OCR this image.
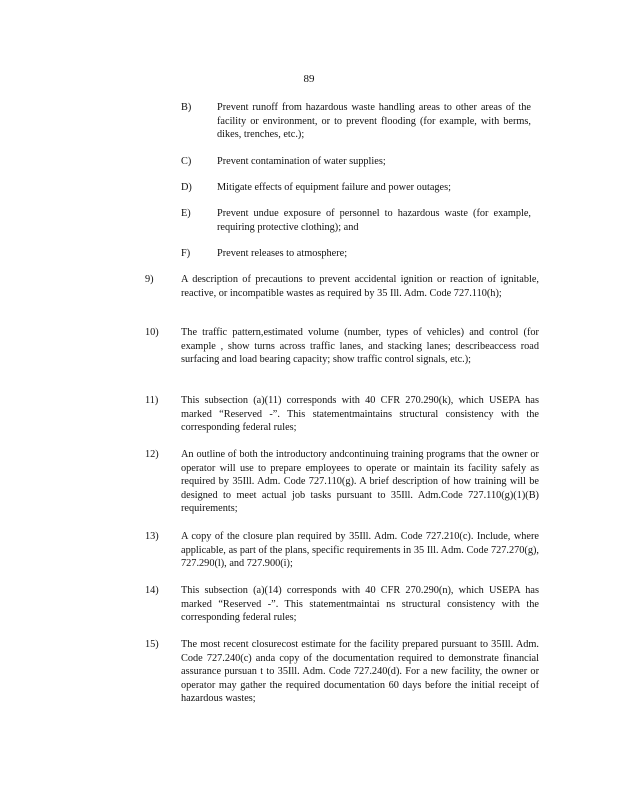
89
B) Prevent runoff from hazardous waste handling areas to other areas of the facility or environment, or to prevent flooding (for example, with berms, dikes, trenches, etc.);
C) Prevent contamination of water supplies;
D) Mitigate effects of equipment failure and power outages;
E)	Prevent undue exposure of personnel to hazardous waste (for example, requiring protective clothing); and
F)	Prevent releases to atmosphere;
9)	A description of precautions to prevent accidental ignition or reaction of ignitable, reactive, or incompatible wastes as required by 35 Ill. Adm. Code 727.110(h);
10) The traffic pattern,estimated volume (number, types of vehicles) and control (for example , show turns across traffic lanes, and stacking lanes; describeaccess road surfacing and load bearing capacity; show traffic control signals, etc.);
11) This subsection (a)(11) corresponds with 40 CFR 270.290(k), which USEPA has marked “Reserved -”. This statementmaintains structural consistency with the corresponding federal rules;
12) An outline of both the introductory andcontinuing training programs that the owner or operator will use to prepare employees to operate or maintain its facility safely as required by 35Ill. Adm. Code 727.110(g). A brief description of how training will be designed to meet actual job tasks pursuant to 35Ill. Adm.Code 727.110(g)(1)(B) requirements;
13) A copy of the closure plan required by 35Ill. Adm. Code 727.210(c). Include, where applicable, as part of the plans, specific requirements in 35 Ill. Adm. Code 727.270(g), 727.290(l), and 727.900(i);
14) This subsection (a)(14) corresponds with 40 CFR 270.290(n), which USEPA has marked “Reserved -”. This statementmaintai ns structural consistency with the corresponding federal rules;
15) The most recent closurecost estimate for the facility prepared pursuant to 35Ill. Adm. Code 727.240(c) anda copy of the documentation required to demonstrate financial assurance pursuan t to 35Ill. Adm. Code 727.240(d). For a new facility, the owner or operator may gather the required documentation 60 days before the initial receipt of hazardous wastes;
